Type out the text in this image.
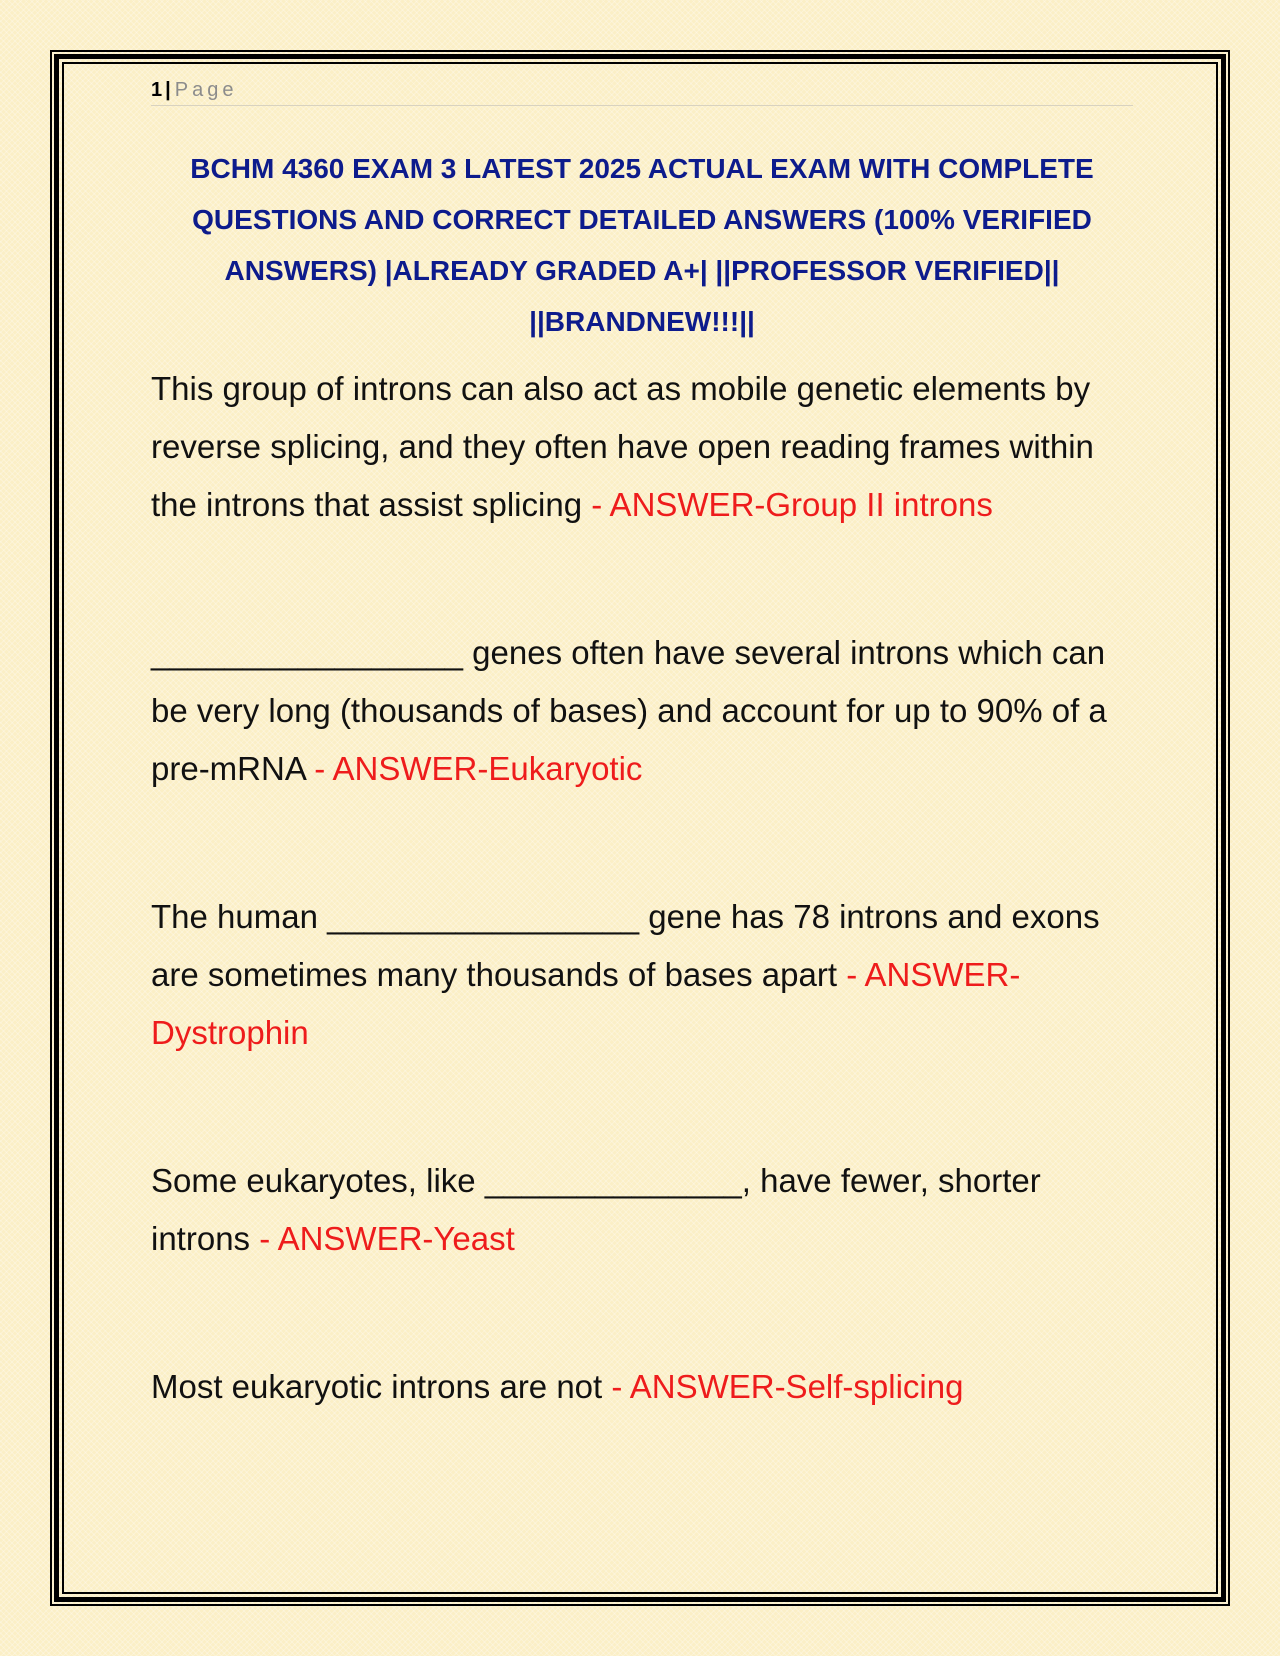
1 | Page
BCHM 4360 EXAM 3 LATEST 2025 ACTUAL EXAM WITH COMPLETE QUESTIONS AND CORRECT DETAILED ANSWERS (100% VERIFIED ANSWERS) |ALREADY GRADED A+| ||PROFESSOR VERIFIED|| ||BRANDNEW!!!||
This group of introns can also act as mobile genetic elements by reverse splicing, and they often have open reading frames within the introns that assist splicing - ANSWER-Group II introns
_________________ genes often have several introns which can be very long (thousands of bases) and account for up to 90% of a pre-mRNA - ANSWER-Eukaryotic
The human _________________ gene has 78 introns and exons are sometimes many thousands of bases apart - ANSWER-Dystrophin
Some eukaryotes, like ______________, have fewer, shorter introns - ANSWER-Yeast
Most eukaryotic introns are not - ANSWER-Self-splicing
